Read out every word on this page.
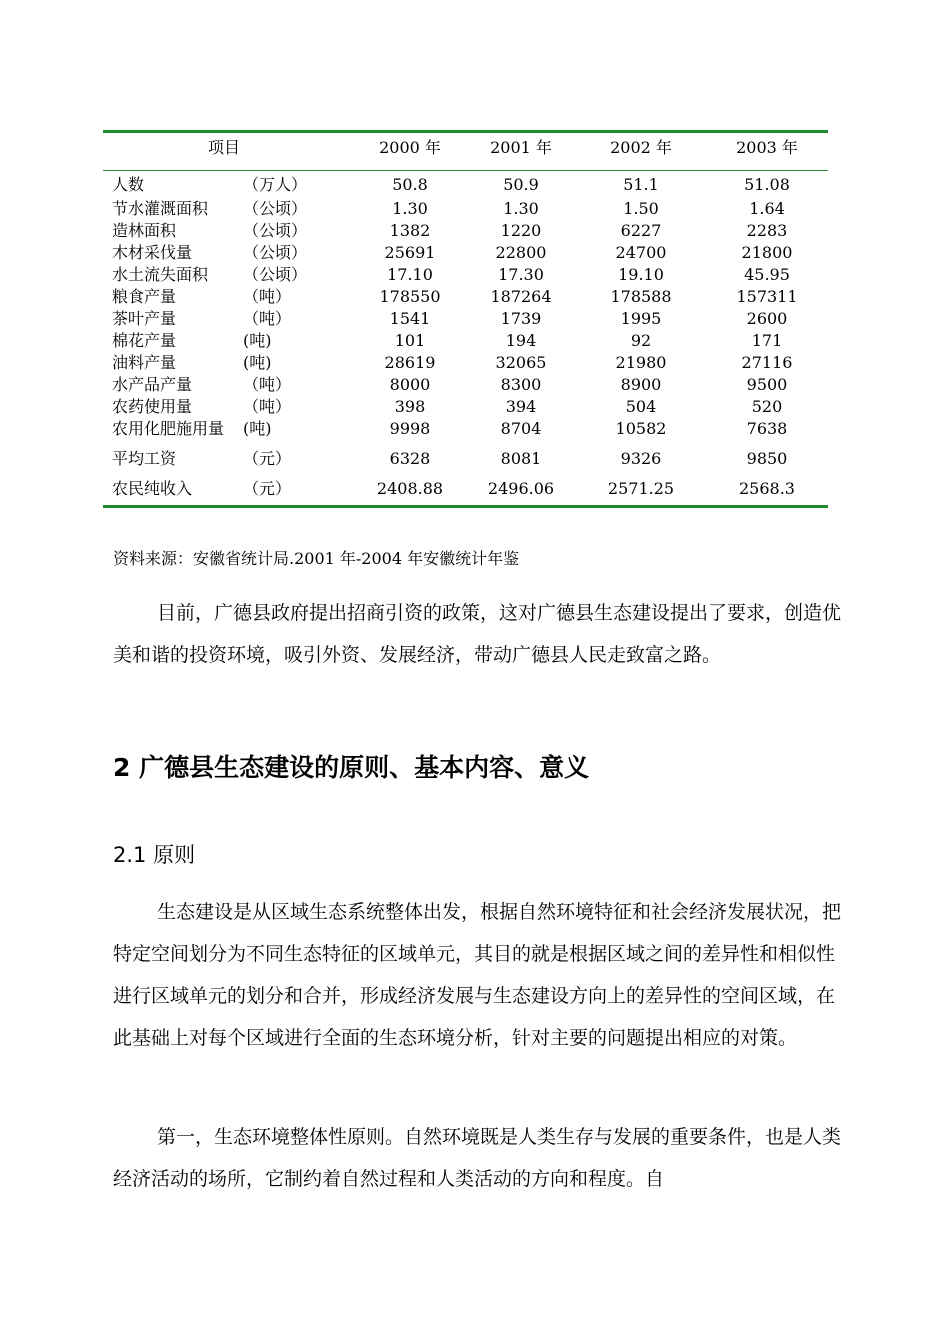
项目	2000 年	2001 年	2002 年	2003 年
人数	（万人）	50.8	50.9	51.1	51.08
节水灌溉面积 （公顷）	1.30	1.30	1.50	1.64
造林面积	（公顷）	1382	1220	6227	2283
木材采伐量	（公顷）	25691	22800	24700	21800
水土流失面积 （公顷）	17.10	17.30	19.10	45.95
粮食产量	（吨）	178550	187264	178588	157311
茶叶产量	（吨）	1541	1739	1995	2600
棉花产量	(吨)	101	194	92	171
油料产量	(吨)	28619	32065	21980	27116
水产品产量	（吨）	8000	8300	8900	9500
农药使用量	（吨）	398	394	504	520
农用化肥施用量 (吨)	9998	8704	10582	7638
平均工资	（元）	6328	8081	9326	9850
农民纯收入	（元）	2408.88	2496.06	2571.25	2568.3
资料来源：安徽省统计局.2001 年-2004 年安徽统计年鉴

目前，广德县政府提出招商引资的政策，这对广德县生态建设提出了要求，创造优美和谐的投资环境，吸引外资、发展经济，带动广德县人民走致富之路。

2 广德县生态建设的原则、基本内容、意义
2.1 原则

生态建设是从区域生态系统整体出发，根据自然环境特征和社会经济发展状况，把特定空间划分为不同生态特征的区域单元，其目的就是根据区域之间的差异性和相似性进行区域单元的划分和合并，形成经济发展与生态建设方向上的差异性的空间区域，在此基础上对每个区域进行全面的生态环境分析，针对主要的问题提出相应的对策。

第一，生态环境整体性原则。自然环境既是人类生存与发展的重要条件，也是人类经济活动的场所，它制约着自然过程和人类活动的方向和程度。自
